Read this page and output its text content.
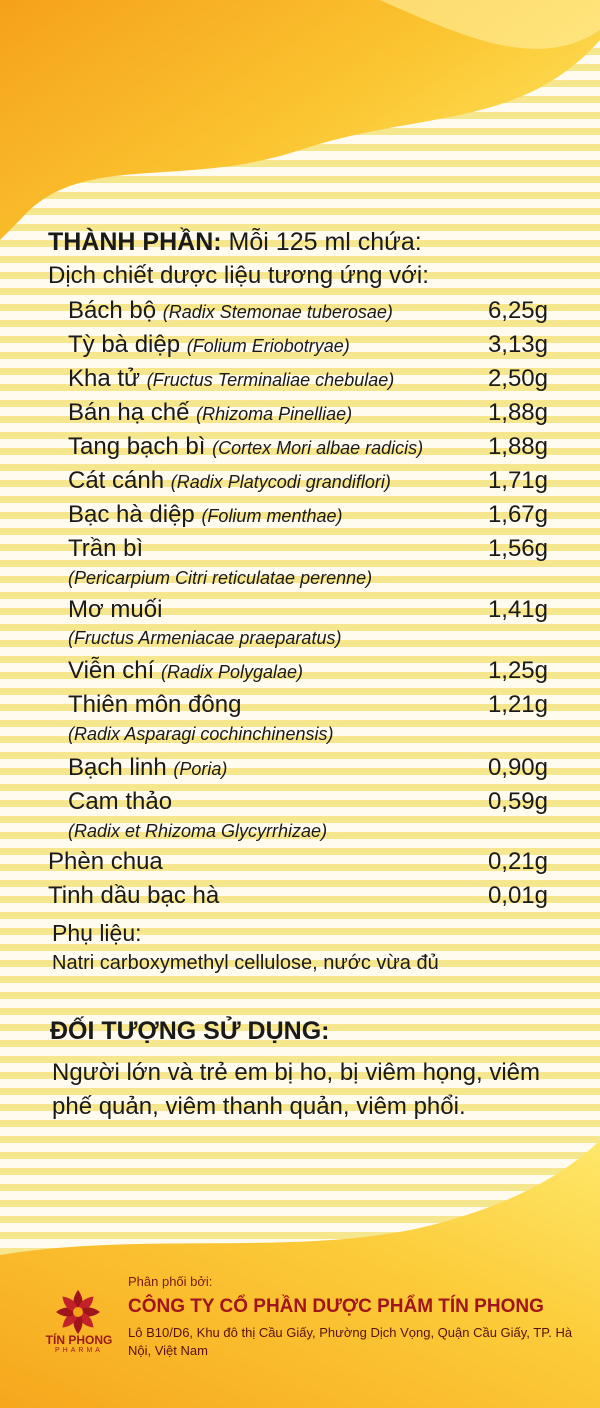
THÀNH PHẦN: Mỗi 125 ml chứa:
Dịch chiết dược liệu tương ứng với:
Bách bộ (Radix Stemonae tuberosae)	6,25g
Tỳ bà diệp (Folium Eriobotryae)	3,13g
Kha tử (Fructus Terminaliae chebulae)	2,50g
Bán hạ chế (Rhizoma Pinelliae)	1,88g
Tang bạch bì (Cortex Mori albae radicis)	1,88g
Cát cánh (Radix Platycodi grandiflori)	1,71g
Bạc hà diệp (Folium menthae)	1,67g
Trần bì	1,56g
(Pericarpium Citri reticulatae perenne)
Mơ muối	1,41g
(Fructus Armeniacae praeparatus)
Viễn chí (Radix Polygalae)	1,25g
Thiên môn đông	1,21g
(Radix Asparagi cochinchinensis)
Bạch linh (Poria)	0,90g
Cam thảo	0,59g
(Radix et Rhizoma Glycyrrhizae)
Phèn chua	0,21g
Tinh dầu bạc hà	0,01g
Phụ liệu:
Natri carboxymethyl cellulose, nước vừa đủ
ĐỐI TƯỢNG SỬ DỤNG:
Người lớn và trẻ em bị ho, bị viêm họng, viêm phế quản, viêm thanh quản, viêm phổi.
TÍN PHONG
PHARMA
Phân phối bởi:
CÔNG TY CỔ PHẦN DƯỢC PHẨM TÍN PHONG
Lô B10/D6, Khu đô thị Cầu Giấy, Phường Dịch Vọng, Quận Cầu Giấy, TP. Hà Nội, Việt Nam
